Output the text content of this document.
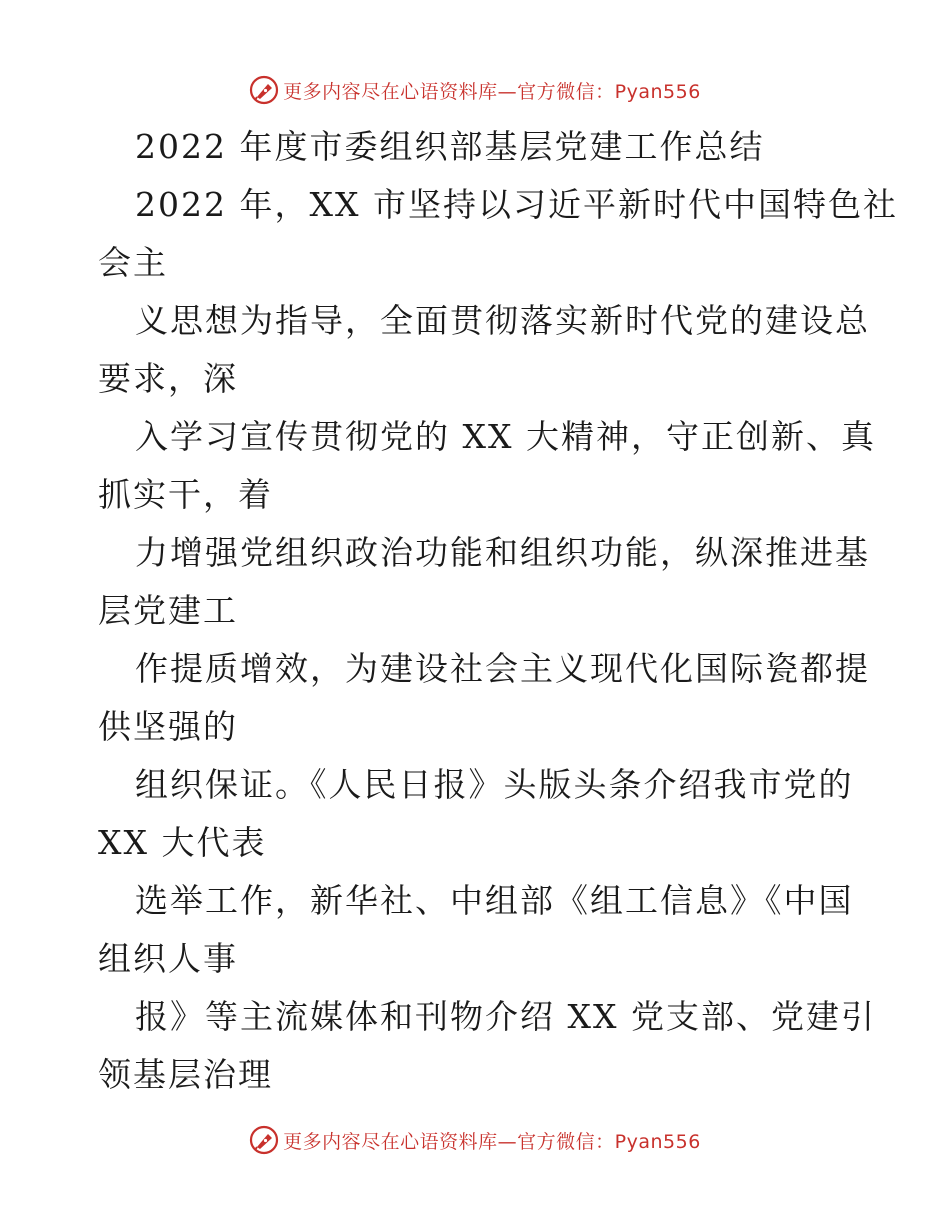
更多内容尽在心语资料库—官方微信：Pyan556
2022 年度市委组织部基层党建工作总结
2022 年，XX 市坚持以习近平新时代中国特色社
会主
义思想为指导，全面贯彻落实新时代党的建设总
要求，深
入学习宣传贯彻党的 XX 大精神，守正创新、真
抓实干，着
力增强党组织政治功能和组织功能，纵深推进基
层党建工
作提质增效，为建设社会主义现代化国际瓷都提
供坚强的
组织保证。《人民日报》头版头条介绍我市党的
XX 大代表
选举工作，新华社、中组部《组工信息》《中国
组织人事
报》等主流媒体和刊物介绍 XX 党支部、党建引
领基层治理
更多内容尽在心语资料库—官方微信：Pyan556
